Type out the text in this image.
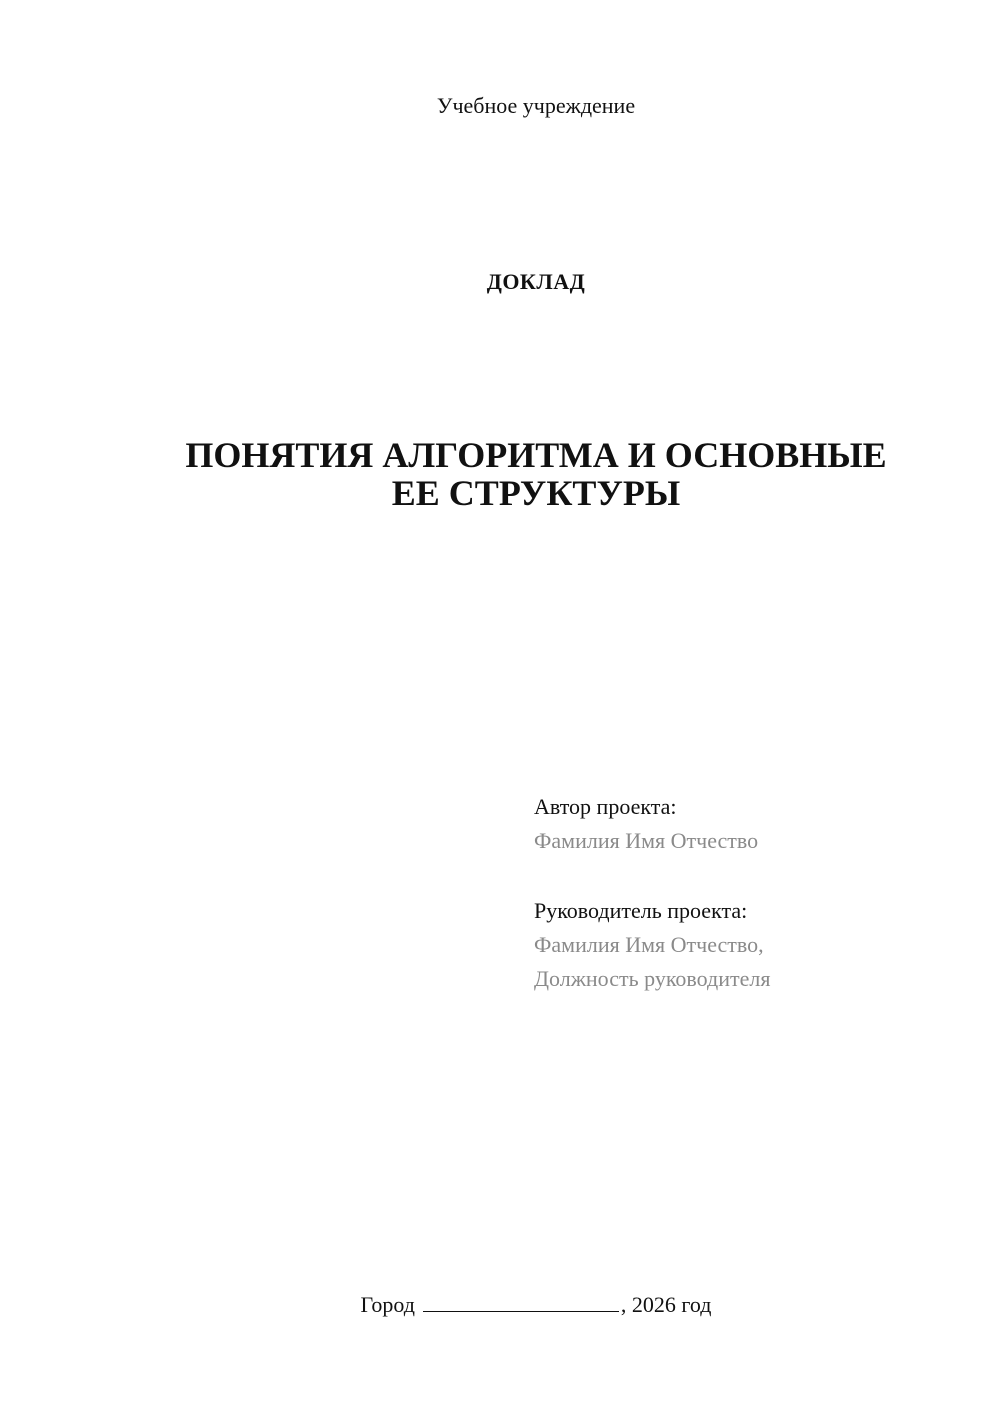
Учебное учреждение
ДОКЛАД
ПОНЯТИЯ АЛГОРИТМА И ОСНОВНЫЕ
ЕЕ СТРУКТУРЫ
Автор проекта:
Фамилия Имя Отчество
Руководитель проекта:
Фамилия Имя Отчество,
Должность руководителя
Город	, 2026 год
